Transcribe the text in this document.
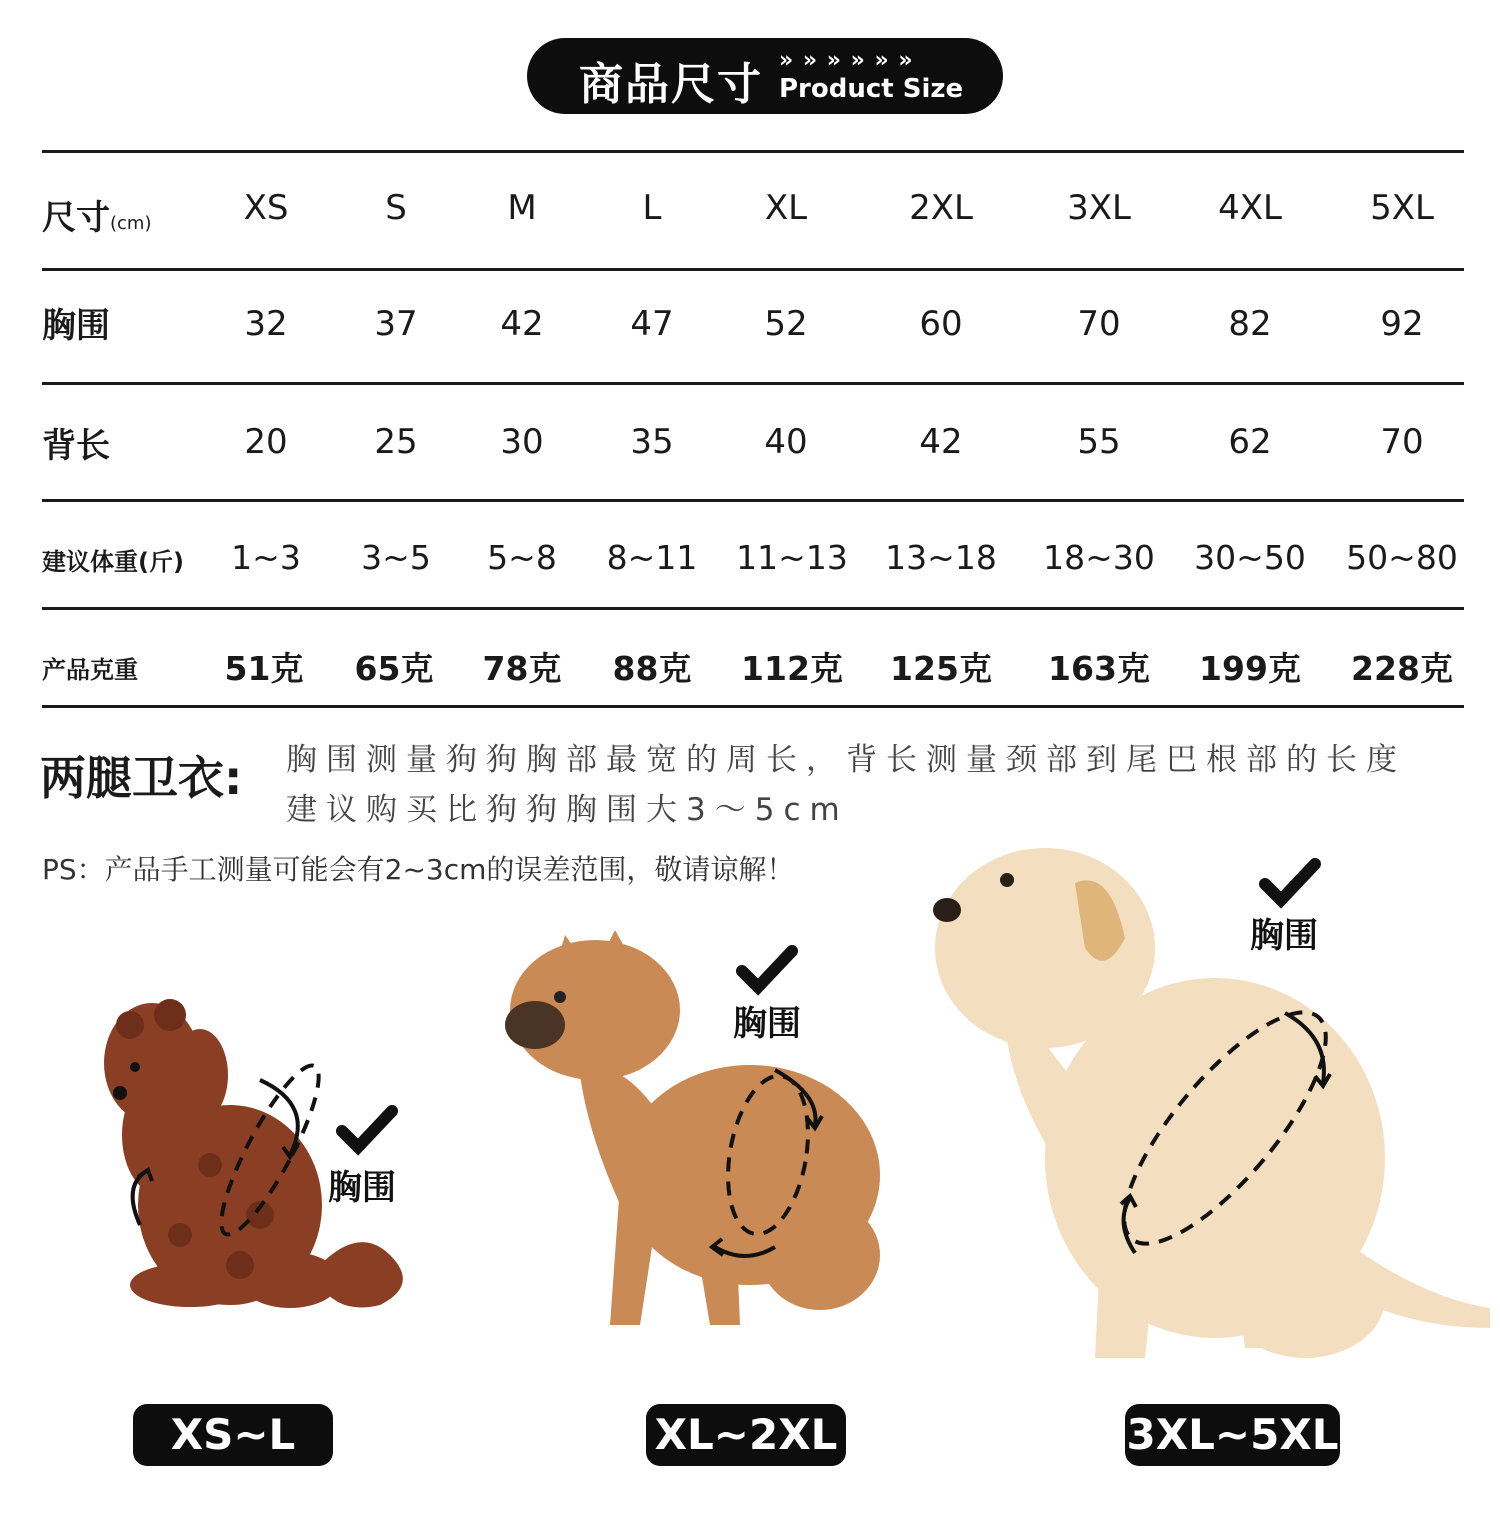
商品尺寸 » » » » » »
Product Size
尺寸(cm)	XS	S	M	L	XL	2XL	3XL	4XL	5XL
胸围	32	37 42	47	52	60	70	82	92
背长	20	25 30	35	40	42	55	62	70
建议体重(斤) 1~3 3~5 5~8 8~11 11~13 13~18 18~30 30~50 50~80
产品克重	51克 65克 78克 88克 112克 125克 163克 199克 228克
两腿卫衣: 胸围测量狗狗胸部最宽的周长，背长测量颈部到尾巴根部的长度
建议购买比狗狗胸围大3～5cm
PS：产品手工测量可能会有2~3cm的误差范围，敬请谅解！
胸围
胸围
胸围
XS~L	XL~2XL	3XL~5XL
